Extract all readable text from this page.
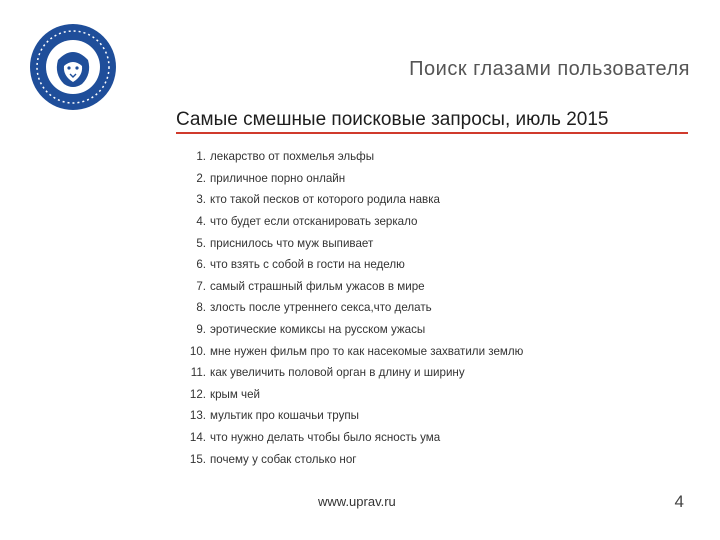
Поиск глазами пользователя
Самые смешные поисковые запросы, июль 2015
1. лекарство от похмелья эльфы
2. приличное порно онлайн
3. кто такой песков от которого родила навка
4. что будет если отсканировать зеркало
5. приснилось что муж выпивает
6. что взять с собой в гости на неделю
7. самый страшный фильм ужасов в мире
8. злость после утреннего секса,что делать
9. эротические комиксы на русском ужасы
10. мне нужен фильм про то как насекомые захватили землю
11. как увеличить половой орган в длину и ширину
12. крым чей
13. мультик про кошачьи трупы
14. что нужно делать чтобы было ясность ума
15. почему у собак столько ног
www.uprav.ru	4
